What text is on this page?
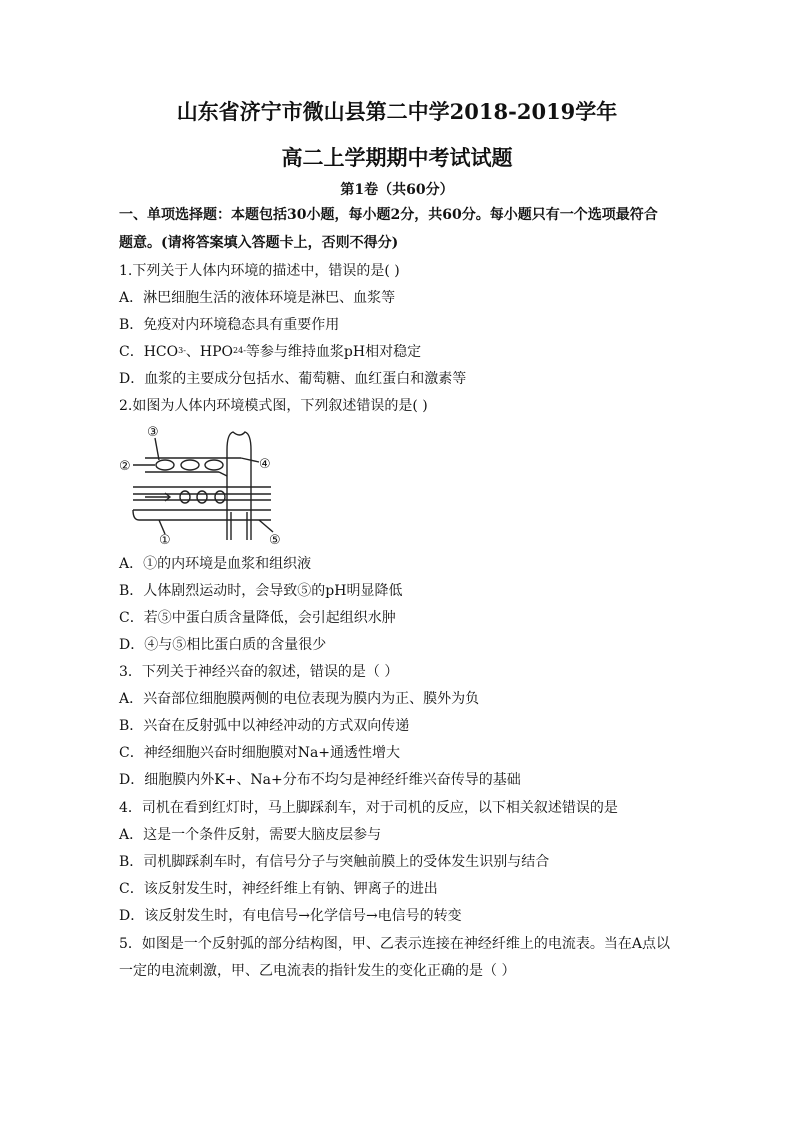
山东省济宁市微山县第二中学2018-2019学年
高二上学期期中考试试题
第1卷（共60分）
一、单项选择题：本题包括30小题，每小题2分，共60分。每小题只有一个选项最符合
题意。(请将答案填入答题卡上，否则不得分)
1.下列关于人体内环境的描述中，错误的是( )
A．淋巴细胞生活的液体环境是淋巴、血浆等
B．免疫对内环境稳态具有重要作用
C．$HCO^{3-}$、$HPO^{24-}$等参与维持血浆pH相对稳定
D．血浆的主要成分包括水、葡萄糖、血红蛋白和激素等
2.如图为人体内环境模式图，下列叙述错误的是( )
③
②	④
①	⑤
A．①的内环境是血浆和组织液
B．人体剧烈运动时，会导致⑤的pH明显降低
C．若⑤中蛋白质含量降低，会引起组织水肿
D．④与⑤相比蛋白质的含量很少
3．下列关于神经兴奋的叙述，错误的是（ ）
A．兴奋部位细胞膜两侧的电位表现为膜内为正、膜外为负
B．兴奋在反射弧中以神经冲动的方式双向传递
C．神经细胞兴奋时细胞膜对Na+通透性增大
D．细胞膜内外K+、Na+分布不均匀是神经纤维兴奋传导的基础
4．司机在看到红灯时，马上脚踩刹车，对于司机的反应，以下相关叙述错误的是
A．这是一个条件反射，需要大脑皮层参与
B．司机脚踩刹车时，有信号分子与突触前膜上的受体发生识别与结合
C．该反射发生时，神经纤维上有钠、钾离子的进出
D．该反射发生时，有电信号→化学信号→电信号的转变
5．如图是一个反射弧的部分结构图，甲、乙表示连接在神经纤维上的电流表。当在A点以
一定的电流刺激，甲、乙电流表的指针发生的变化正确的是（ ）
